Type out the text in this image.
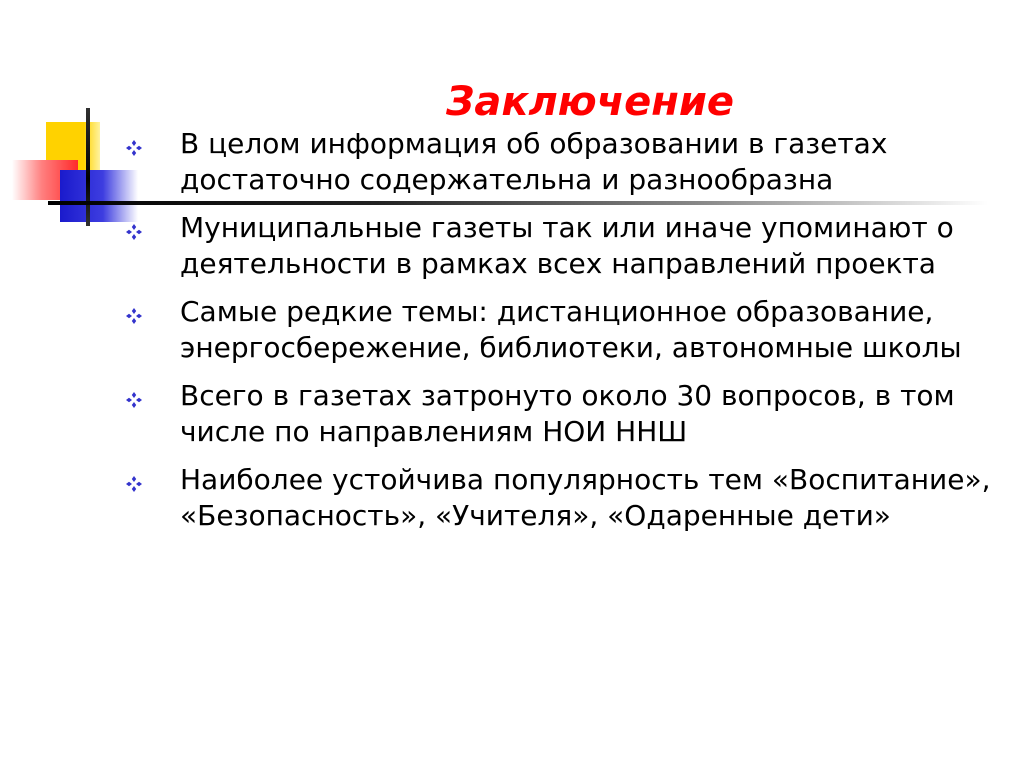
Заключение
В целом информация об образовании в газетах достаточно содержательна и разнообразна
Муниципальные газеты так или иначе упоминают о деятельности в рамках всех направлений проекта
Самые редкие темы: дистанционное образование, энергосбережение, библиотеки, автономные школы
Всего в газетах затронуто около 30 вопросов, в том числе по направлениям НОИ ННШ
Наиболее устойчива популярность тем «Воспитание», «Безопасность», «Учителя», «Одаренные дети»
